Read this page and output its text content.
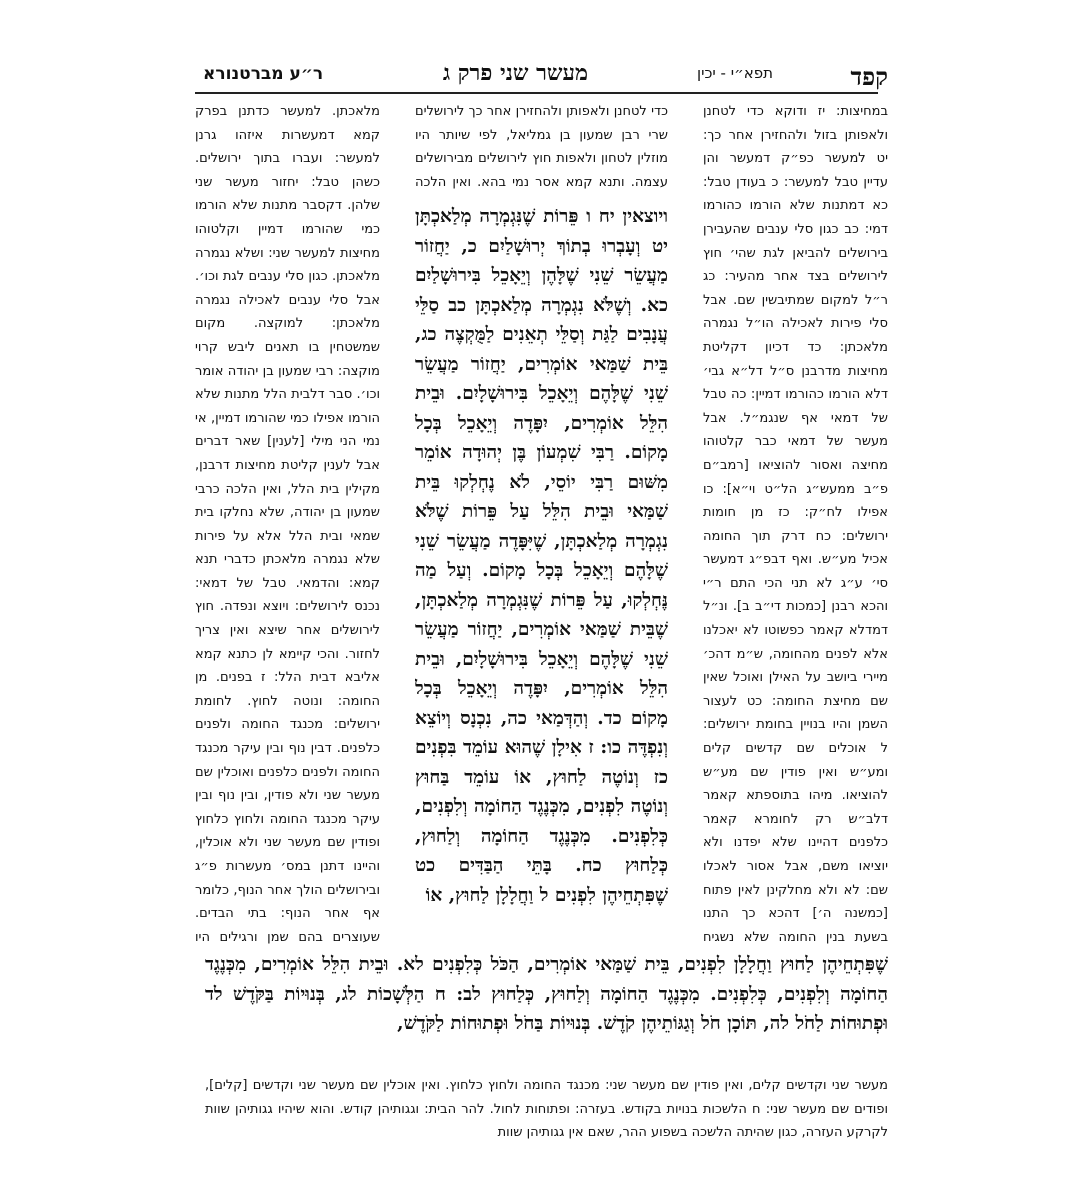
קפד
תפא״י - יכין
מעשר שני פרק ג
ר״ע מברטנורא

במחיצות: יז ודוקא כדי לטחנן ולאפותן בזול ולהחזירן אחר כך: יט למעשר כפ״ק דמעשר והן עדיין טבל למעשר: כ בעודן טבל: כא דמתנות שלא הורמו כהורמו דמי: כב כגון סלי ענבים שהעבירן בירושלים להביאן לגת שהי׳ חוץ לירושלים בצד אחר מהעיר: כג ר״ל למקום שמתיבשין שם. אבל סלי פירות לאכילה הו״ל נגמרה מלאכתן: כד דכיון דקליטת מחיצות מדרבנן ס״ל דל״א גבי׳ דלא הורמו כהורמו דמיין: כה טבל של דמאי אף שנגמ״ל. אבל מעשר של דמאי כבר קלטוהו מחיצה ואסור להוציאו [רמב״ם פ״ב ממעש״ג הל״ט וי״א]: כו אפילו לח״ק: כז מן חומות ירושלים: כח דרק תוך החומה אכיל מע״ש. ואף דבפ״ג דמעשר סי׳ ע״ג לא תני הכי התם ר״י והכא רבנן [כמכות די״ב ב]. ונ״ל דמדלא קאמר כפשוטו לא יאכלנו אלא לפנים מהחומה, ש״מ דהכ׳ מיירי ביושב על האילן ואוכל שאין שם מחיצת החומה: כט לעצור השמן והיו בנויין בחומת ירושלים: ל אוכלים שם קדשים קלים ומע״ש ואין פודין שם מע״ש להוציאו. מיהו בתוספתא קאמר דלב״ש רק לחומרא קאמר כלפנים דהיינו שלא יפדנו ולא יוציאו משם, אבל אסור לאכלו שם: לא ולא מחלקינן לאין פתוח [כמשנה ה׳] דהכא כך התנו בשעת בנין החומה שלא נשגיח

כדי לטחנן ולאפותן ולהחזירן אחר כך לירושלים שרי רבן שמעון בן גמליאל, לפי שיותר היו מוזלין לטחון ולאפות חוץ לירושלים מבירושלים עצמה. ותנא קמא אסר נמי בהא. ואין הלכה

ויוצאין יח ו פֵּרוֹת שֶׁנִּגְמְרָה מְלַאכְתָּן יט וְעָבְרוּ בְתוֹךְ יְרוּשָׁלַיִם כ, יַחֲזוֹר מַעֲשֵׂר שֵׁנִי שֶׁלָּהֶן וְיֵאָכֵל בִּירוּשָׁלַיִם כא. וְשֶׁלֹּא נִגְמְרָה מְלַאכְתָּן כב סַלֵּי עֲנָבִים לַגַּת וְסַלֵּי תְאֵנִים לַמֻּקְצֶה כג, בֵּית שַׁמַּאי אוֹמְרִים, יַחֲזוֹר מַעֲשֵׂר שֵׁנִי שֶׁלָּהֶם וְיֵאָכֵל בִּירוּשָׁלָיִם. וּבֵית הִלֵּל אוֹמְרִים, יִפָּדֶה וְיֵאָכֵל בְּכָל מָקוֹם. רַבִּי שִׁמְעוֹן בֶּן יְהוּדָה אוֹמֵר מִשּׁוּם רַבִּי יוֹסֵי, לֹא נֶחְלְקוּ בֵּית שַׁמַּאי וּבֵית הִלֵּל עַל פֵּרוֹת שֶׁלֹּא נִגְמְרָה מְלַאכְתָּן, שֶׁיִּפָּדֶה מַעֲשֵׂר שֵׁנִי שֶׁלָּהֶם וְיֵאָכֵל בְּכָל מָקוֹם. וְעַל מַה נֶּחְלְקוּ, עַל פֵּרוֹת שֶׁנִּגְמְרָה מְלַאכְתָּן, שֶׁבֵּית שַׁמַּאי אוֹמְרִים, יַחֲזוֹר מַעֲשֵׂר שֵׁנִי שֶׁלָּהֶם וְיֵאָכֵל בִּירוּשָׁלָיִם, וּבֵית הִלֵּל אוֹמְרִים, יִפָּדֶה וְיֵאָכֵל בְּכָל מָקוֹם כד. וְהַדְּמַאי כה, נִכְנָס וְיוֹצֵא וְנִפְדֶּה כו: ז אִילָן שֶׁהוּא עוֹמֵד בִּפְנִים כז וְנוֹטֶה לַחוּץ, אוֹ עוֹמֵד בַּחוּץ וְנוֹטֶה לִפְנִים, מִכְּנֶגֶד הַחוֹמָה וְלִפְנִים, כְּלִפְנִים. מִכְּנֶגֶד הַחוֹמָה וְלַחוּץ, כְּלַחוּץ כח. בָּתֵּי הַבַּדִּים כט שֶׁפִּתְחֵיהֶן לִפְנִים ל וַחֲלָלָן לַחוּץ, אוֹ

מלאכתן. למעשר כדתנן בפרק קמא דמעשרות איזהו גרנן למעשר: ועברו בתוך ירושלים. כשהן טבל: יחזור מעשר שני שלהן. דקסבר מתנות שלא הורמו כמי שהורמו דמיין וקלטוהו מחיצות למעשר שני: ושלא נגמרה מלאכתן. כגון סלי ענבים לגת וכו׳. אבל סלי ענבים לאכילה נגמרה מלאכתן: למוקצה. מקום שמשטחין בו תאנים ליבש קרוי מוקצה: רבי שמעון בן יהודה אומר וכו׳. סבר דלבית הלל מתנות שלא הורמו אפילו כמי שהורמו דמיין, אי נמי הני מילי [לענין] שאר דברים אבל לענין קליטת מחיצות דרבנן, מקילין בית הלל, ואין הלכה כרבי שמעון בן יהודה, שלא נחלקו בית שמאי ובית הלל אלא על פירות שלא נגמרה מלאכתן כדברי תנא קמא: והדמאי. טבל של דמאי: נכנס לירושלים: ויוצא ונפדה. חוץ לירושלים אחר שיצא ואין צריך לחזור. והכי קיימא לן כתנא קמא אליבא דבית הלל: ז בפנים. מן החומה: ונוטה לחוץ. לחומת ירושלים: מכנגד החומה ולפנים כלפנים. דבין נוף ובין עיקר מכנגד החומה ולפנים כלפנים ואוכלין שם מעשר שני ולא פודין, ובין נוף ובין עיקר מכנגד החומה ולחוץ כלחוץ ופודין שם מעשר שני ולא אוכלין, והיינו דתנן במס׳ מעשרות פ״ג ובירושלים הולך אחר הנוף, כלומר אף אחר הנוף: בתי הבדים. שעוצרים בהם שמן ורגילים היו

שֶׁפִּתְחֵיהֶן לַחוּץ וַחֲלָלָן לִפְנִים, בֵּית שַׁמַּאי אוֹמְרִים, הַכֹּל כְּלִפְנִים לא. וּבֵית הִלֵּל אוֹמְרִים, מִכְּנֶגֶד הַחוֹמָה וְלִפְנִים, כְּלִפְנִים. מִכְּנֶגֶד הַחוֹמָה וְלַחוּץ, כְּלַחוּץ לב: ח הַלְּשָׁכוֹת לג, בְּנוּיוֹת בַּקֹּדֶשׁ לד וּפְתוּחוֹת לַחֹל לה, תּוֹכָן חֹל וְגַגּוֹתֵיהֶן קֹדֶשׁ. בְּנוּיוֹת בַּחֹל וּפְתוּחוֹת לַקֹּדֶשׁ,

מעשר שני וקדשים קלים, ואין פודין שם מעשר שני: מכנגד החומה ולחוץ כלחוץ. ואין אוכלין שם מעשר שני וקדשים [קלים], ופודים שם מעשר שני: ח הלשכות בנויות בקודש. בעזרה: ופתוחות לחול. להר הבית: וגגותיהן קודש. והוא שיהיו גגותיהן שוות לקרקע העזרה, כגון שהיתה הלשכה בשפוע ההר, שאם אין גגותיהן שוות
